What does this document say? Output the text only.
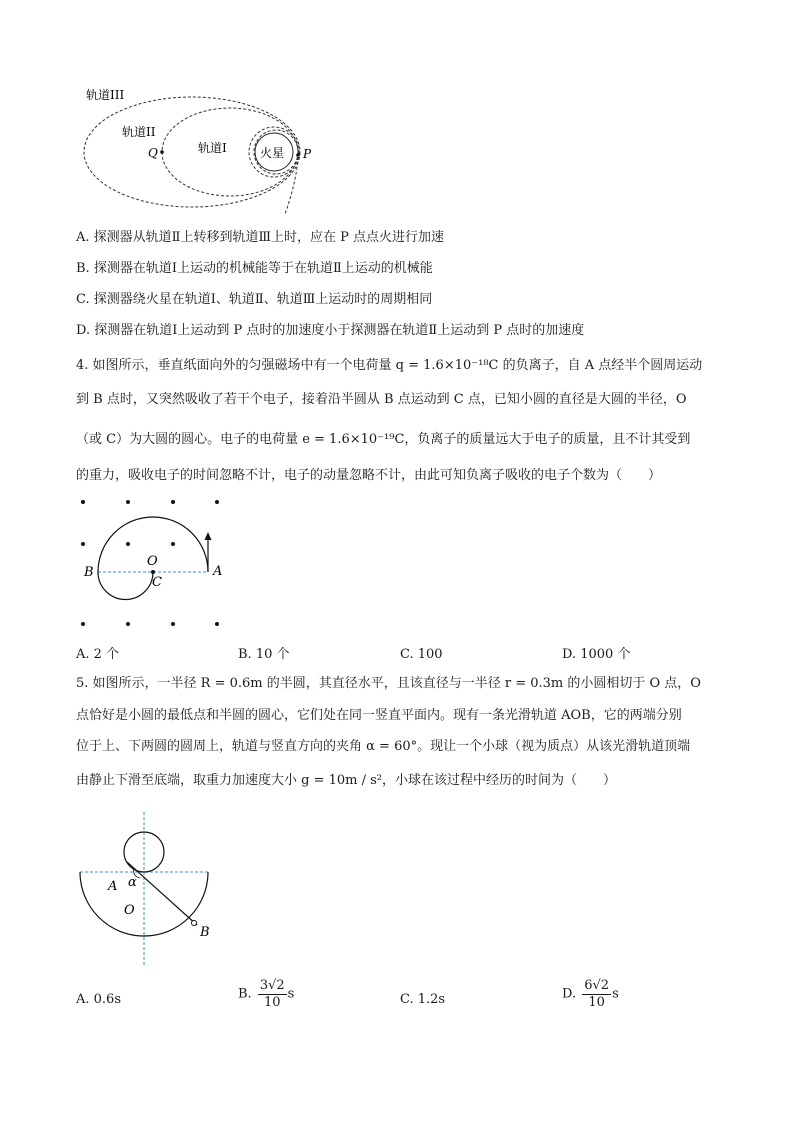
轨道III
轨道II
轨道I	火星
Q	P
A. 探测器从轨道Ⅱ上转移到轨道Ⅲ上时，应在 P 点点火进行加速
B. 探测器在轨道Ⅰ上运动的机械能等于在轨道Ⅱ上运动的机械能
C. 探测器绕火星在轨道Ⅰ、轨道Ⅱ、轨道Ⅲ上运动时的周期相同
D. 探测器在轨道Ⅰ上运动到 P 点时的加速度小于探测器在轨道Ⅱ上运动到 P 点时的加速度
4. 如图所示，垂直纸面向外的匀强磁场中有一个电荷量 q = 1.6×10⁻¹⁸C 的负离子，自 A 点经半个圆周运动
到 B 点时，又突然吸收了若干个电子，接着沿半圆从 B 点运动到 C 点，已知小圆的直径是大圆的半径，O
（或 C）为大圆的圆心。电子的电荷量 e = 1.6×10⁻¹⁹C，负离子的质量远大于电子的质量，且不计其受到
的重力，吸收电子的时间忽略不计，电子的动量忽略不计，由此可知负离子吸收的电子个数为（　　）
B
O
C
A
A. 2 个	B. 10 个	C. 100	D. 1000 个
5. 如图所示，一半径 R = 0.6m 的半圆，其直径水平，且该直径与一半径 r = 0.3m 的小圆相切于 O 点，O
点恰好是小圆的最低点和半圆的圆心，它们处在同一竖直平面内。现有一条光滑轨道 AOB，它的两端分别
位于上、下两圆的圆周上，轨道与竖直方向的夹角 α = 60°。现让一个小球（视为质点）从该光滑轨道顶端
由静止下滑至底端，取重力加速度大小 g = 10m / s²，小球在该过程中经历的时间为（　　）
A α
O
B
A. 0.6s	B. $\frac{3√2}{10}$ s	C. 1.2s	D. $\frac{6√2}{10}$ s
